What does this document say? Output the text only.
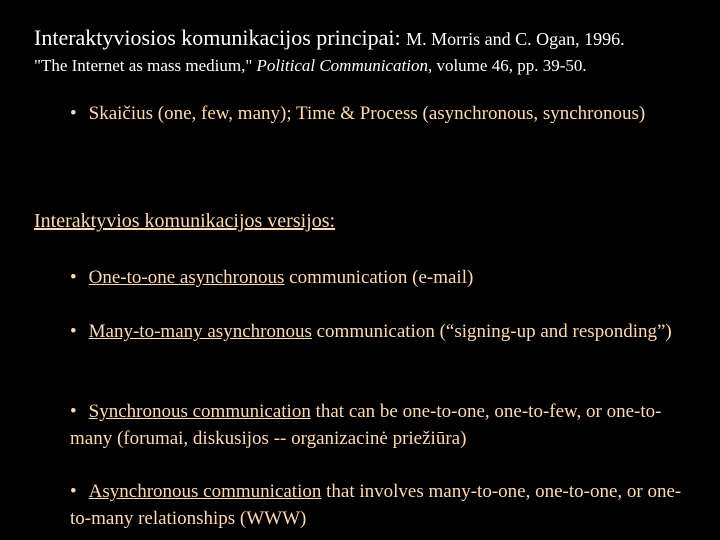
Interaktyviosios komunikacijos principai: M. Morris and C. Ogan, 1996.
"The Internet as mass medium," Political Communication, volume 46, pp. 39-50.
• Skaičius (one, few, many); Time & Process (asynchronous, synchronous)
Interaktyvios komunikacijos versijos:
• One-to-one asynchronous communication (e-mail)
• Many-to-many asynchronous communication (“signing-up and responding”)
• Synchronous communication that can be one-to-one, one-to-few, or one-to-many (forumai, diskusijos -- organizacinė priežiūra)
• Asynchronous communication that involves many-to-one, one-to-one, or one-to-many relationships (WWW)
